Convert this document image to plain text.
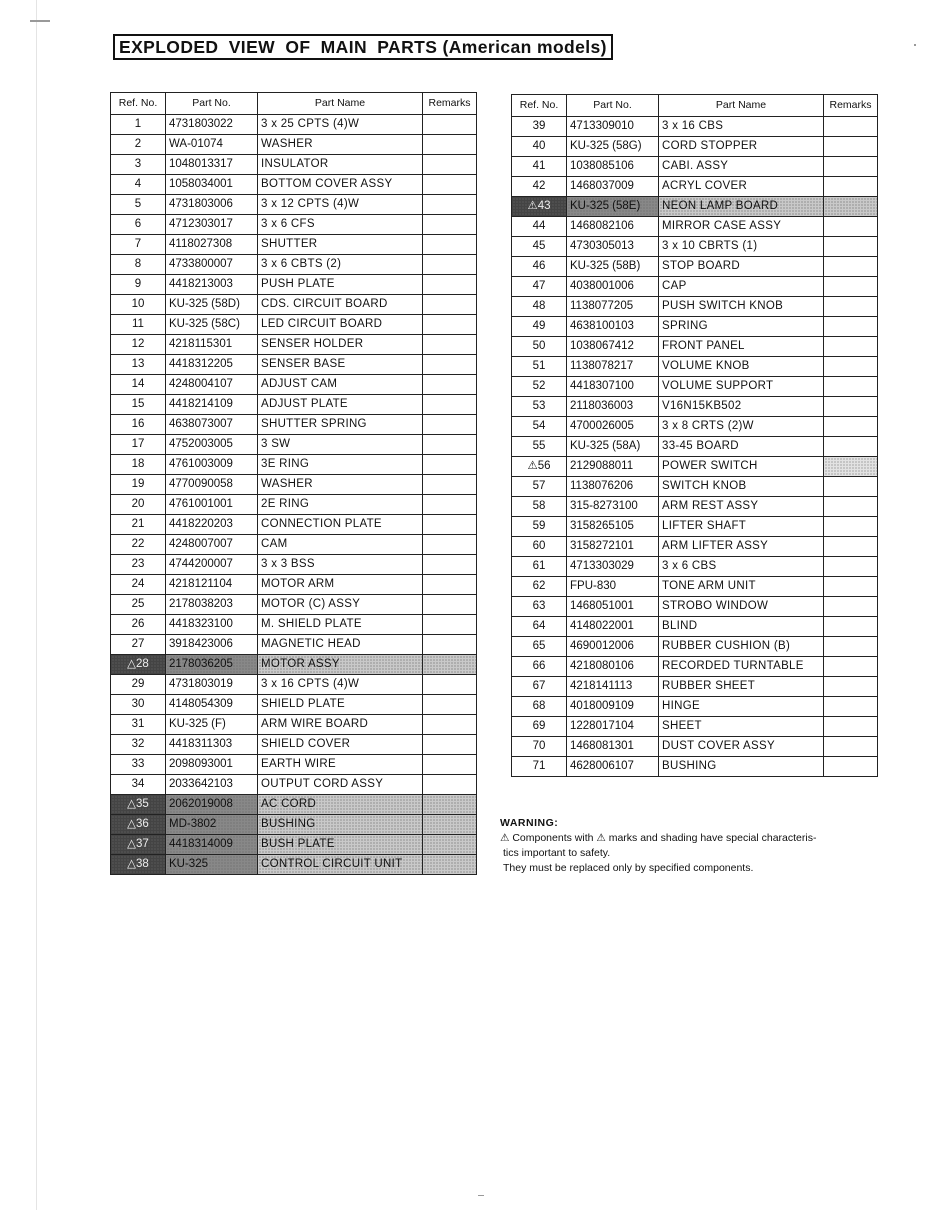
EXPLODED VIEW OF MAIN PARTS (American models)
Ref. No.	Part No.	Part Name	Remarks
1	4731803022	3 x 25 CPTS (4)W	
2	WA-01074	WASHER	
3	1048013317	INSULATOR	
4	1058034001	BOTTOM COVER ASSY	
5	4731803006	3 x 12 CPTS (4)W	
6	4712303017	3 x 6 CFS	
7	4118027308	SHUTTER	
8	4733800007	3 x 6 CBTS (2)	
9	4418213003	PUSH PLATE	
10	KU-325 (58D)	CDS. CIRCUIT BOARD	
11	KU-325 (58C)	LED CIRCUIT BOARD	
12	4218115301	SENSER HOLDER	
13	4418312205	SENSER BASE	
14	4248004107	ADJUST CAM	
15	4418214109	ADJUST PLATE	
16	4638073007	SHUTTER SPRING	
17	4752003005	3 SW	
18	4761003009	3E RING	
19	4770090058	WASHER	
20	4761001001	2E RING	
21	4418220203	CONNECTION PLATE	
22	4248007007	CAM	
23	4744200007	3 x 3 BSS	
24	4218121104	MOTOR ARM	
25	2178038203	MOTOR (C) ASSY	
26	4418323100	M. SHIELD PLATE	
27	3918423006	MAGNETIC HEAD	
△28	2178036205	MOTOR ASSY	
29	4731803019	3 x 16 CPTS (4)W	
30	4148054309	SHIELD PLATE	
31	KU-325 (F)	ARM WIRE BOARD	
32	4418311303	SHIELD COVER	
33	2098093001	EARTH WIRE	
34	2033642103	OUTPUT CORD ASSY	
△35	2062019008	AC CORD	
△36	MD-3802	BUSHING	
△37	4418314009	BUSH PLATE	
△38	KU-325	CONTROL CIRCUIT UNIT	
Ref. No.	Part No.	Part Name	Remarks
39	4713309010	3 x 16 CBS	
40	KU-325 (58G)	CORD STOPPER	
41	1038085106	CABI. ASSY	
42	1468037009	ACRYL COVER	
⚠43	KU-325 (58E)	NEON LAMP BOARD	
44	1468082106	MIRROR CASE ASSY	
45	4730305013	3 x 10 CBRTS (1)	
46	KU-325 (58B)	STOP BOARD	
47	4038001006	CAP	
48	1138077205	PUSH SWITCH KNOB	
49	4638100103	SPRING	
50	1038067412	FRONT PANEL	
51	1138078217	VOLUME KNOB	
52	4418307100	VOLUME SUPPORT	
53	2118036003	V16N15KB502	
54	4700026005	3 x 8 CRTS (2)W	
55	KU-325 (58A)	33-45 BOARD	
⚠56	2129088011	POWER SWITCH	
57	1138076206	SWITCH KNOB	
58	315-8273100	ARM REST ASSY	
59	3158265105	LIFTER SHAFT	
60	3158272101	ARM LIFTER ASSY	
61	4713303029	3 x 6 CBS	
62	FPU-830	TONE ARM UNIT	
63	1468051001	STROBO WINDOW	
64	4148022001	BLIND	
65	4690012006	RUBBER CUSHION (B)	
66	4218080106	RECORDED TURNTABLE	
67	4218141113	RUBBER SHEET	
68	4018009109	HINGE	
69	1228017104	SHEET	
70	1468081301	DUST COVER ASSY	
71	4628006107	BUSHING	
WARNING:

⚠ Components with ⚠ marks and shading have special characteris-

tics important to safety.

They must be replaced only by specified components.
